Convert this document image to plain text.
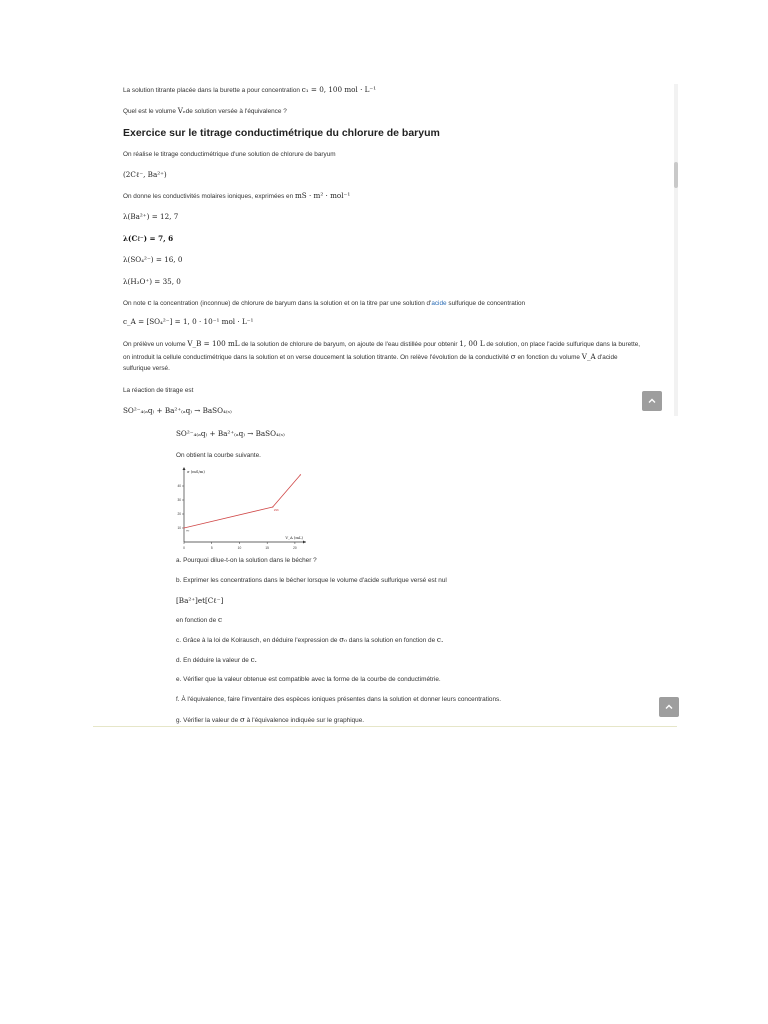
La solution titrante placée dans la burette a pour concentration c₁ = 0, 100 mol · L⁻¹
Quel est le volume Vₑde solution versée à l'équivalence ?
Exercice sur le titrage conductimétrique du chlorure de baryum
On réalise le titrage conductimétrique d'une solution de chlorure de baryum
(2Cℓ⁻, Ba²⁺)
On donne les conductivités molaires ioniques, exprimées en mS · m² · mol⁻¹
λ(Ba²⁺) = 12, 7
λ(Cℓ⁻) = 7, 6
λ(SO₄²⁻) = 16, 0
λ(H₃O⁺) = 35, 0
On note c la concentration (inconnue) de chlorure de baryum dans la solution et on la titre par une solution d'acide sulfurique de concentration
c_A = [SO₄²⁻] = 1, 0 · 10⁻¹ mol · L⁻¹
On prélève un volume V_B = 100 mL de la solution de chlorure de baryum, on ajoute de l'eau distillée pour obtenir 1, 00 L de solution, on place l'acide sulfurique dans la burette,
on introduit la cellule conductimétrique dans la solution et on verse doucement la solution titrante. On relève l'évolution de la conductivité σ en fonction du volume V_A d'acide
sulfurique versé.
La réaction de titrage est
SO²⁻₄₍ₐq₎ + Ba²⁺₍ₐq₎ → BaSO₄₍ₛ₎
SO²⁻₄₍ₐq₎ + Ba²⁺₍ₐq₎ → BaSO₄₍ₛ₎
On obtient la courbe suivante.
0	5	10	15	20
40
30
20
10
σ (mS/m)
V_A (mL)
σ₀
296
a. Pourquoi dilue-t-on la solution dans le bécher ?
b. Exprimer les concentrations dans le bécher lorsque le volume d'acide sulfurique versé est nul
[Ba²⁺]et[Cℓ⁻]
en fonction de c
c. Grâce à la loi de Kolrausch, en déduire l'expression de σ₀ dans la solution en fonction de c.
d. En déduire la valeur de c.
e. Vérifier que la valeur obtenue est compatible avec la forme de la courbe de conductimétrie.
f. À l'équivalence, faire l'inventaire des espèces ioniques présentes dans la solution et donner leurs concentrations.
g. Vérifier la valeur de σ à l'équivalence indiquée sur le graphique.
